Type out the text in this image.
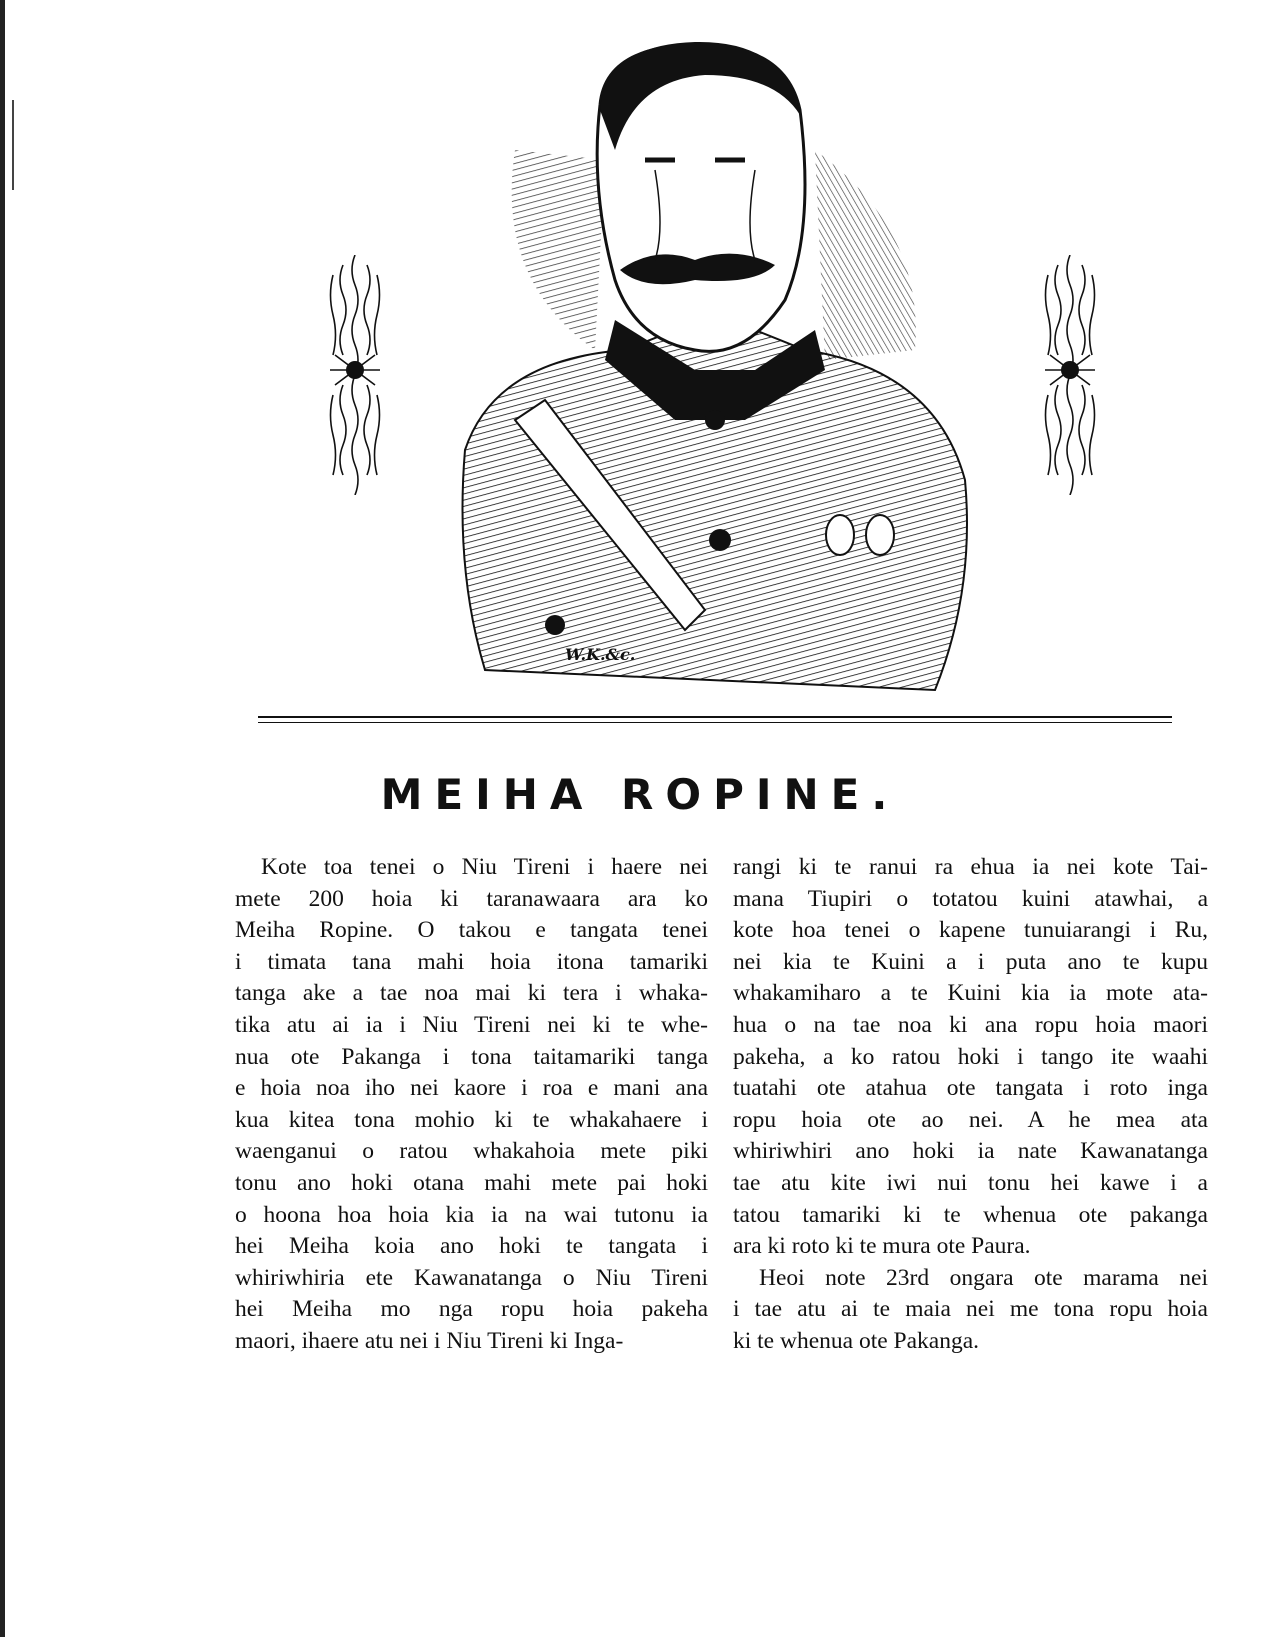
W.K.&c.
MEIHA ROPINE.
Kote toa tenei o Niu Tireni i haere nei
mete 200 hoia ki taranawaara ara ko
Meiha Ropine. O takou e tangata tenei
i timata tana mahi hoia itona tamariki
tanga ake a tae noa mai ki tera i whaka-
tika atu ai ia i Niu Tireni nei ki te whe-
nua ote Pakanga i tona taitamariki tanga
e hoia noa iho nei kaore i roa e mani ana
kua kitea tona mohio ki te whakahaere i
waenganui o ratou whakahoia mete piki
tonu ano hoki otana mahi mete pai hoki
o hoona hoa hoia kia ia na wai tutonu ia
hei Meiha koia ano hoki te tangata i
whiriwhiria ete Kawanatanga o Niu Tireni
hei Meiha mo nga ropu hoia pakeha
maori, ihaere atu nei i Niu Tireni ki Inga-
rangi ki te ranui ra ehua ia nei kote Tai-
mana Tiupiri o totatou kuini atawhai, a
kote hoa tenei o kapene tunuiarangi i Ru,
nei kia te Kuini a i puta ano te kupu
whakamiharo a te Kuini kia ia mote ata-
hua o na tae noa ki ana ropu hoia maori
pakeha, a ko ratou hoki i tango ite waahi
tuatahi ote atahua ote tangata i roto inga
ropu hoia ote ao nei. A he mea ata
whiriwhiri ano hoki ia nate Kawanatanga
tae atu kite iwi nui tonu hei kawe i a
tatou tamariki ki te whenua ote pakanga
ara ki roto ki te mura ote Paura.
Heoi note 23rd ongara ote marama nei
i tae atu ai te maia nei me tona ropu hoia
ki te whenua ote Pakanga.
